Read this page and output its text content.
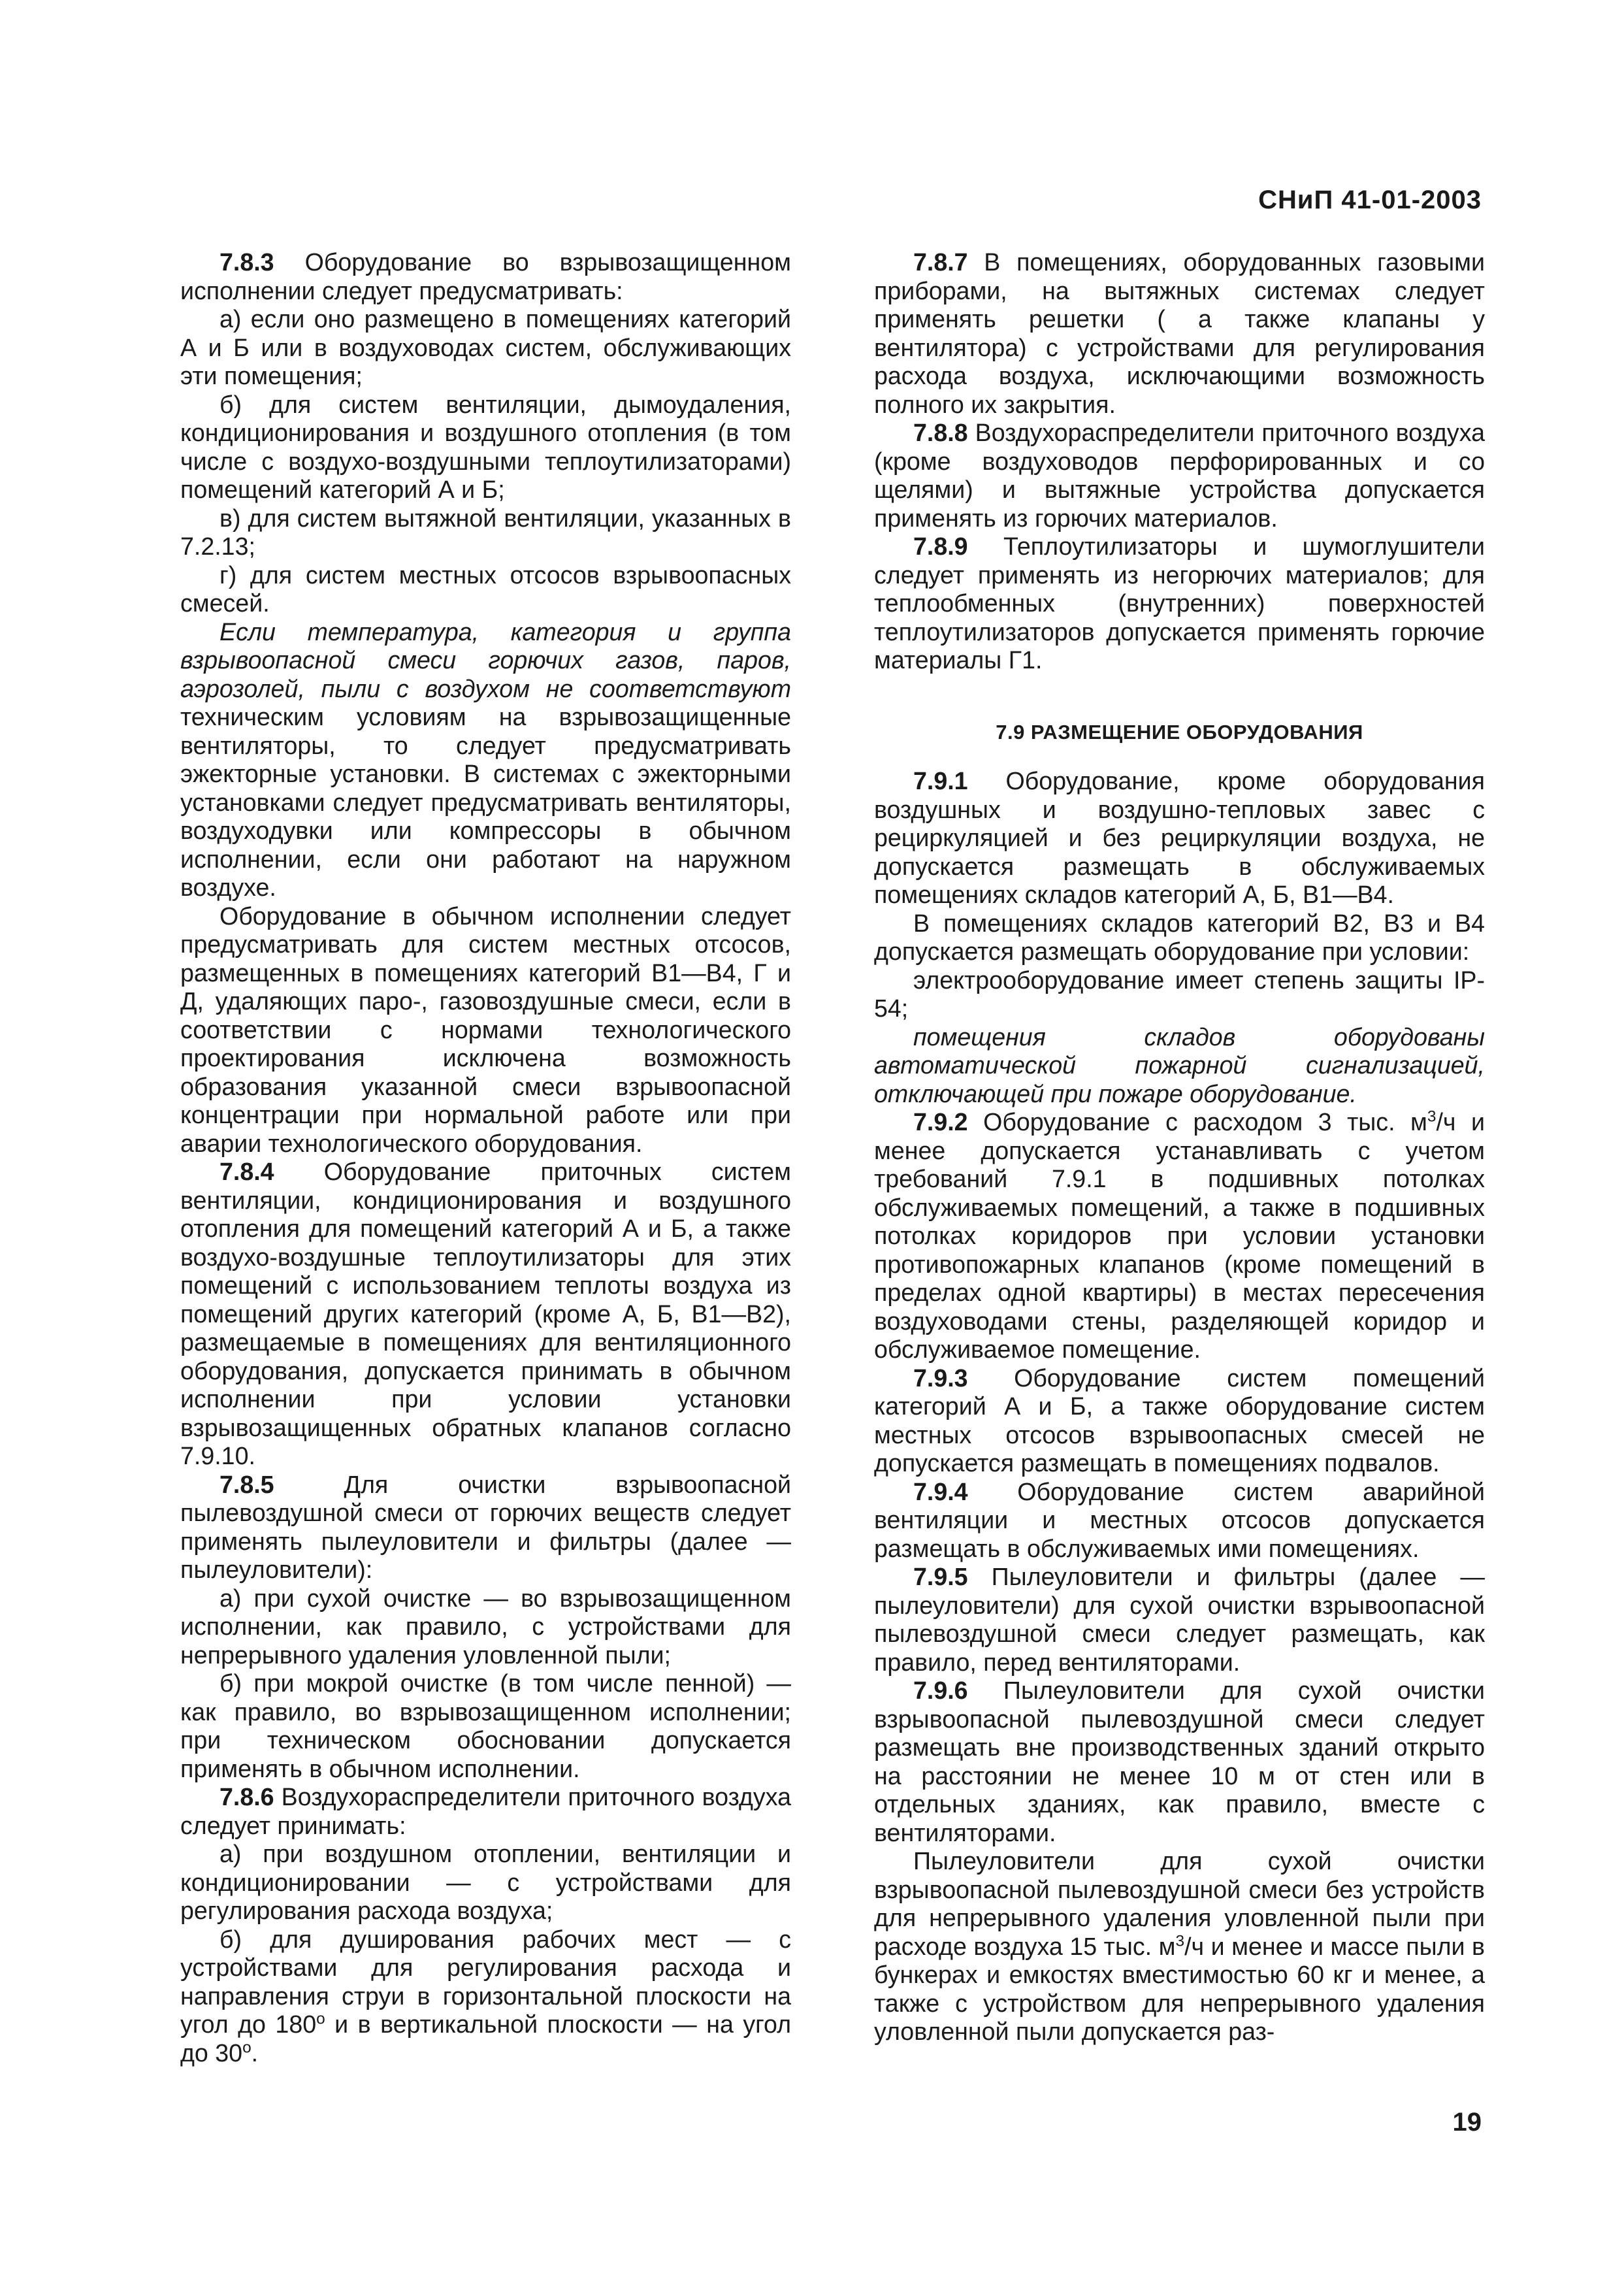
СНиП 41-01-2003

7.8.3 Оборудование во взрывозащищенном исполнении следует предусматривать:

а) если оно размещено в помещениях категорий А и Б или в воздуховодах систем, обслуживающих эти помещения;

б) для систем вентиляции, дымоудаления, кондиционирования и воздушного отопления (в том числе с воздухо-воздушными теплоутилизаторами) помещений категорий А и Б;

в) для систем вытяжной вентиляции, указанных в 7.2.13;

г) для систем местных отсосов взрывоопасных смесей.

Если температура, категория и группа взрывоопасной смеси горючих газов, паров, аэрозолей, пыли с воздухом не соответствуют техническим условиям на взрывозащищенные вентиляторы, то следует предусматривать эжекторные установки. В системах с эжекторными установками следует предусматривать вентиляторы, воздуходувки или компрессоры в обычном исполнении, если они работают на наружном воздухе.

Оборудование в обычном исполнении следует предусматривать для систем местных отсосов, размещенных в помещениях категорий В1—В4, Г и Д, удаляющих паро-, газовоздушные смеси, если в соответствии с нормами технологического проектирования исключена возможность образования указанной смеси взрывоопасной концентрации при нормальной работе или при аварии технологического оборудования.

7.8.4 Оборудование приточных систем вентиляции, кондиционирования и воздушного отопления для помещений категорий А и Б, а также воздухо-воздушные теплоутилизаторы для этих помещений с использованием теплоты воздуха из помещений других категорий (кроме А, Б, В1—В2), размещаемые в помещениях для вентиляционного оборудования, допускается принимать в обычном исполнении при условии установки взрывозащищенных обратных клапанов согласно 7.9.10.

7.8.5 Для очистки взрывоопасной пылевоздушной смеси от горючих веществ следует применять пылеуловители и фильтры (далее — пылеуловители):

а) при сухой очистке — во взрывозащищенном исполнении, как правило, с устройствами для непрерывного удаления уловленной пыли;

б) при мокрой очистке (в том числе пенной) — как правило, во взрывозащищенном исполнении; при техническом обосновании допускается применять в обычном исполнении.

7.8.6 Воздухораспределители приточного воздуха следует принимать:

а) при воздушном отоплении, вентиляции и кондиционировании — с устройствами для регулирования расхода воздуха;

б) для душирования рабочих мест — с устройствами для регулирования расхода и направления струи в горизонтальной плоскости на угол до $180^о$ и в вертикальной плоскости — на угол до $30^о$.

7.8.7 В помещениях, оборудованных газовыми приборами, на вытяжных системах следует применять решетки ( а также клапаны у вентилятора) с устройствами для регулирования расхода воздуха, исключающими возможность полного их закрытия.

7.8.8 Воздухораспределители приточного воздуха (кроме воздуховодов перфорированных и со щелями) и вытяжные устройства допускается применять из горючих материалов.

7.8.9 Теплоутилизаторы и шумоглушители следует применять из негорючих материалов; для теплообменных (внутренних) поверхностей теплоутилизаторов допускается применять горючие материалы Г1.

7.9 РАЗМЕЩЕНИЕ ОБОРУДОВАНИЯ

7.9.1 Оборудование, кроме оборудования воздушных и воздушно-тепловых завес с рециркуляцией и без рециркуляции воздуха, не допускается размещать в обслуживаемых помещениях складов категорий А, Б, В1—В4.

В помещениях складов категорий В2, В3 и В4 допускается размещать оборудование при условии:

электрооборудование имеет степень защиты IP-54;

помещения складов оборудованы автоматической пожарной сигнализацией, отключающей при пожаре оборудование.

7.9.2 Оборудование с расходом 3 тыс. $м^3/ч$ и менее допускается устанавливать с учетом требований 7.9.1 в подшивных потолках обслуживаемых помещений, а также в подшивных потолках коридоров при условии установки противопожарных клапанов (кроме помещений в пределах одной квартиры) в местах пересечения воздуховодами стены, разделяющей коридор и обслуживаемое помещение.

7.9.3 Оборудование систем помещений категорий А и Б, а также оборудование систем местных отсосов взрывоопасных смесей не допускается размещать в помещениях подвалов.

7.9.4 Оборудование систем аварийной вентиляции и местных отсосов допускается размещать в обслуживаемых ими помещениях.

7.9.5 Пылеуловители и фильтры (далее — пылеуловители) для сухой очистки взрывоопасной пылевоздушной смеси следует размещать, как правило, перед вентиляторами.

7.9.6 Пылеуловители для сухой очистки взрывоопасной пылевоздушной смеси следует размещать вне производственных зданий открыто на расстоянии не менее 10 м от стен или в отдельных зданиях, как правило, вместе с вентиляторами.

Пылеуловители для сухой очистки взрывоопасной пылевоздушной смеси без устройств для непрерывного удаления уловленной пыли при расходе воздуха 15 тыс. $м^3/ч$ и менее и массе пыли в бункерах и емкостях вместимостью 60 кг и менее, а также с устройством для непрерывного удаления уловленной пыли допускается раз-

19
